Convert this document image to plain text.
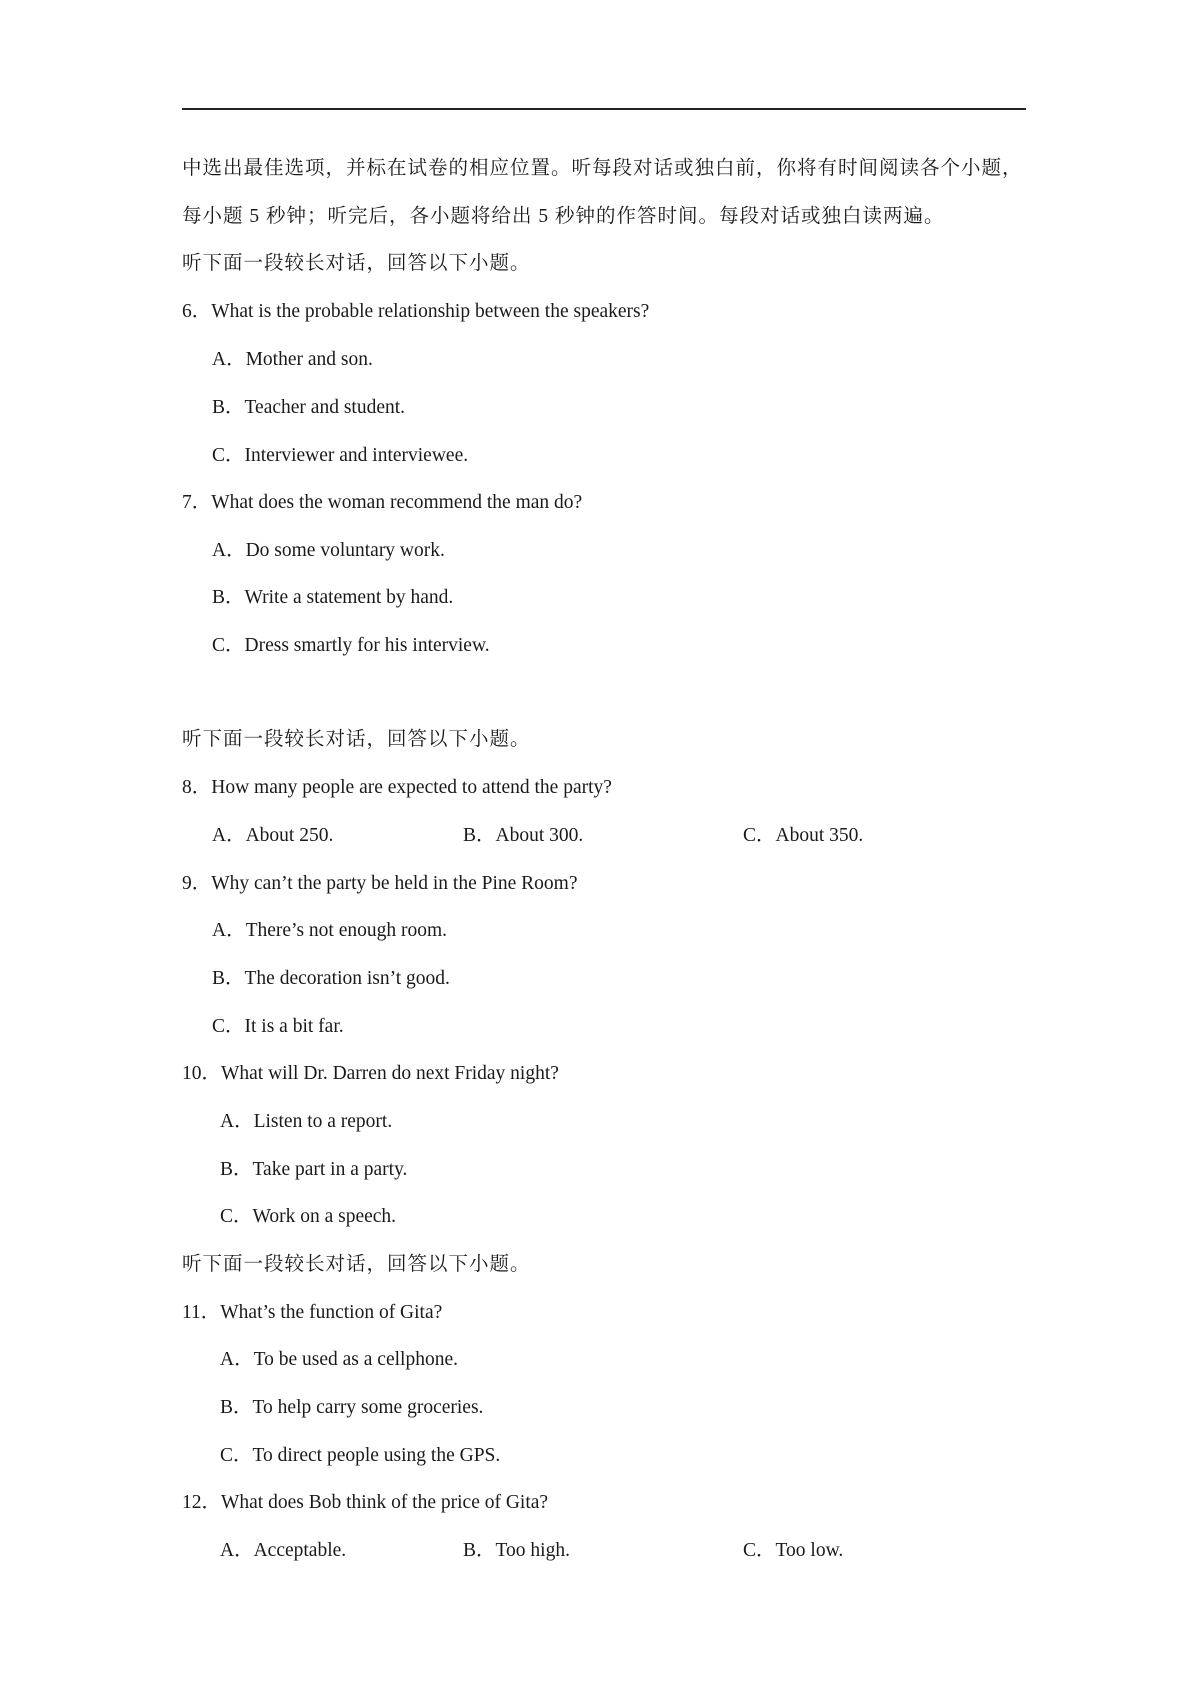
中选出最佳选项，并标在试卷的相应位置。听每段对话或独白前，你将有时间阅读各个小题，
每小题 5 秒钟；听完后，各小题将给出 5 秒钟的作答时间。每段对话或独白读两遍。
听下面一段较长对话，回答以下小题。
6．What is the probable relationship between the speakers?
A．Mother and son.
B．Teacher and student.
C．Interviewer and interviewee.
7．What does the woman recommend the man do?
A．Do some voluntary work.
B．Write a statement by hand.
C．Dress smartly for his interview.
听下面一段较长对话，回答以下小题。
8．How many people are expected to attend the party?
A．About 250.	B．About 300.	C．About 350.
9．Why can’t the party be held in the Pine Room?
A．There’s not enough room.
B．The decoration isn’t good.
C．It is a bit far.
10．What will Dr. Darren do next Friday night?
A．Listen to a report.
B．Take part in a party.
C．Work on a speech.
听下面一段较长对话，回答以下小题。
11．What’s the function of Gita?
A．To be used as a cellphone.
B．To help carry some groceries.
C．To direct people using the GPS.
12．What does Bob think of the price of Gita?
A．Acceptable.	B．Too high.	C．Too low.
